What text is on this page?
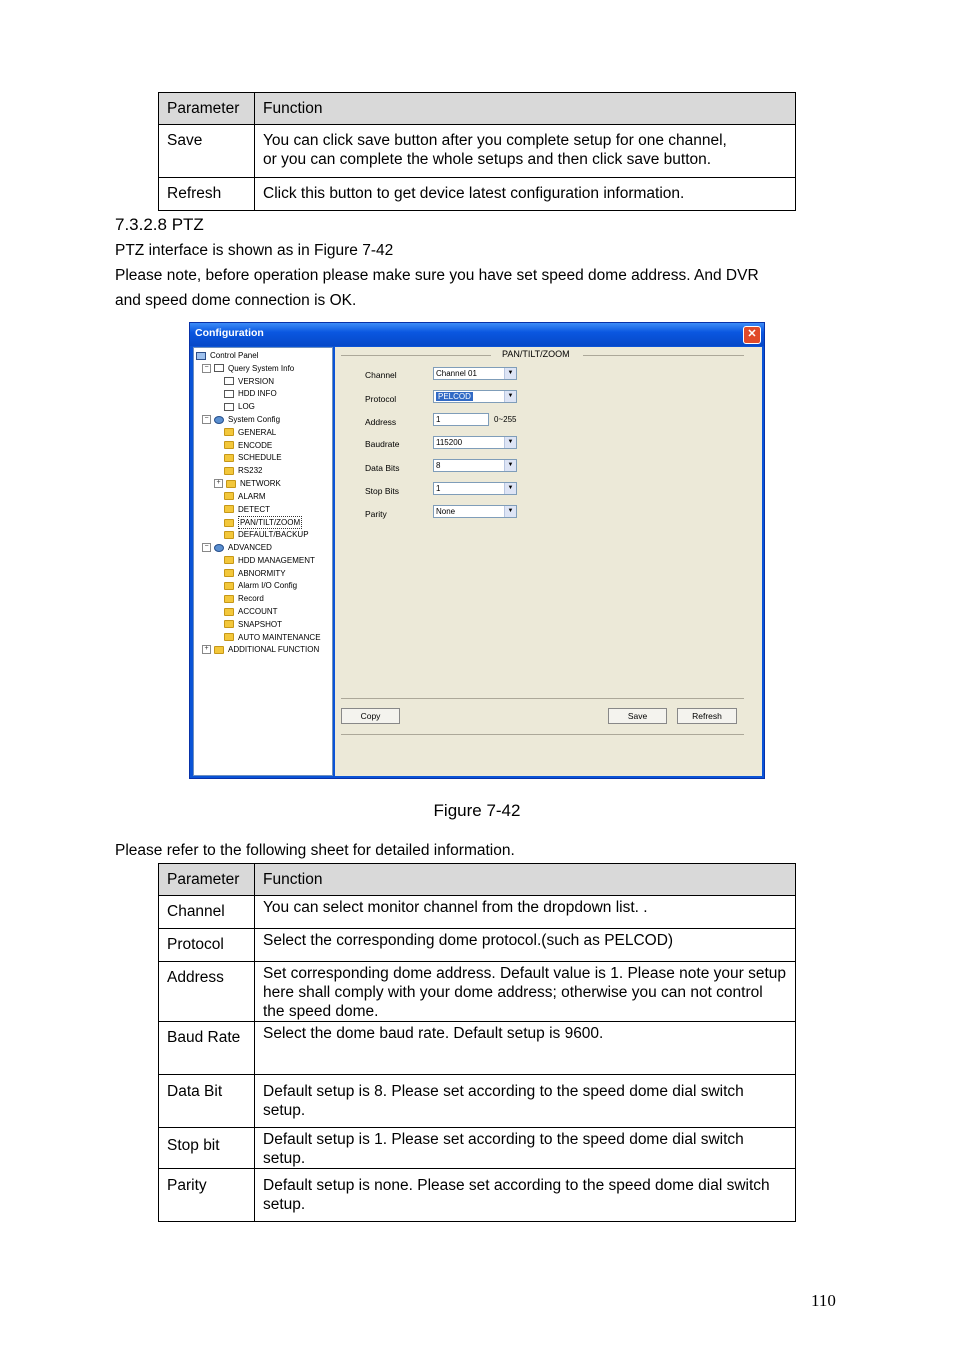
Parameter	Function
Save	You can click save button after you complete setup for one channel,
or you can complete the whole setups and then click save button.

Refresh	Click this button to get device latest configuration information.
7.3.2.8 PTZ
PTZ interface is shown as in Figure 7-42
Please note, before operation please make sure you have set speed dome address. And DVR
and speed dome connection is OK.
Configuration	✕
Control Panel
−	Query System Info
VERSION
HDD INFO
LOG
−	System Config
GENERAL
ENCODE
SCHEDULE
RS232
+	NETWORK
ALARM
DETECT
PAN/TILT/ZOOM
DEFAULT/BACKUP
−	ADVANCED
HDD MANAGEMENT
ABNORMITY
Alarm I/O Config
Record
ACCOUNT
SNAPSHOT
AUTO MAINTENANCE
+	ADDITIONAL FUNCTION
PAN/TILT/ZOOM
Channel	Channel 01	▼
Protocol	PELCOD	▼
Address	1	0~255
Baudrate	115200	▼
Data Bits	8	▼
Stop Bits	1	▼
Parity	None	▼
Copy	Save	Refresh
Figure 7-42
Please refer to the following sheet for detailed information.
Parameter	Function
Channel	You can select monitor channel from the dropdown list. .
Protocol	Select the corresponding dome protocol.(such as PELCOD)
Address	Set corresponding dome address. Default value is 1. Please note your setup here shall comply with your dome address; otherwise you can not control the speed dome.
Baud Rate	Select the dome baud rate. Default setup is 9600.
Data Bit	Default setup is 8. Please set according to the speed dome dial switch setup.
Stop bit	Default setup is 1. Please set according to the speed dome dial switch setup.
Parity	Default setup is none. Please set according to the speed dome dial switch setup.
110
